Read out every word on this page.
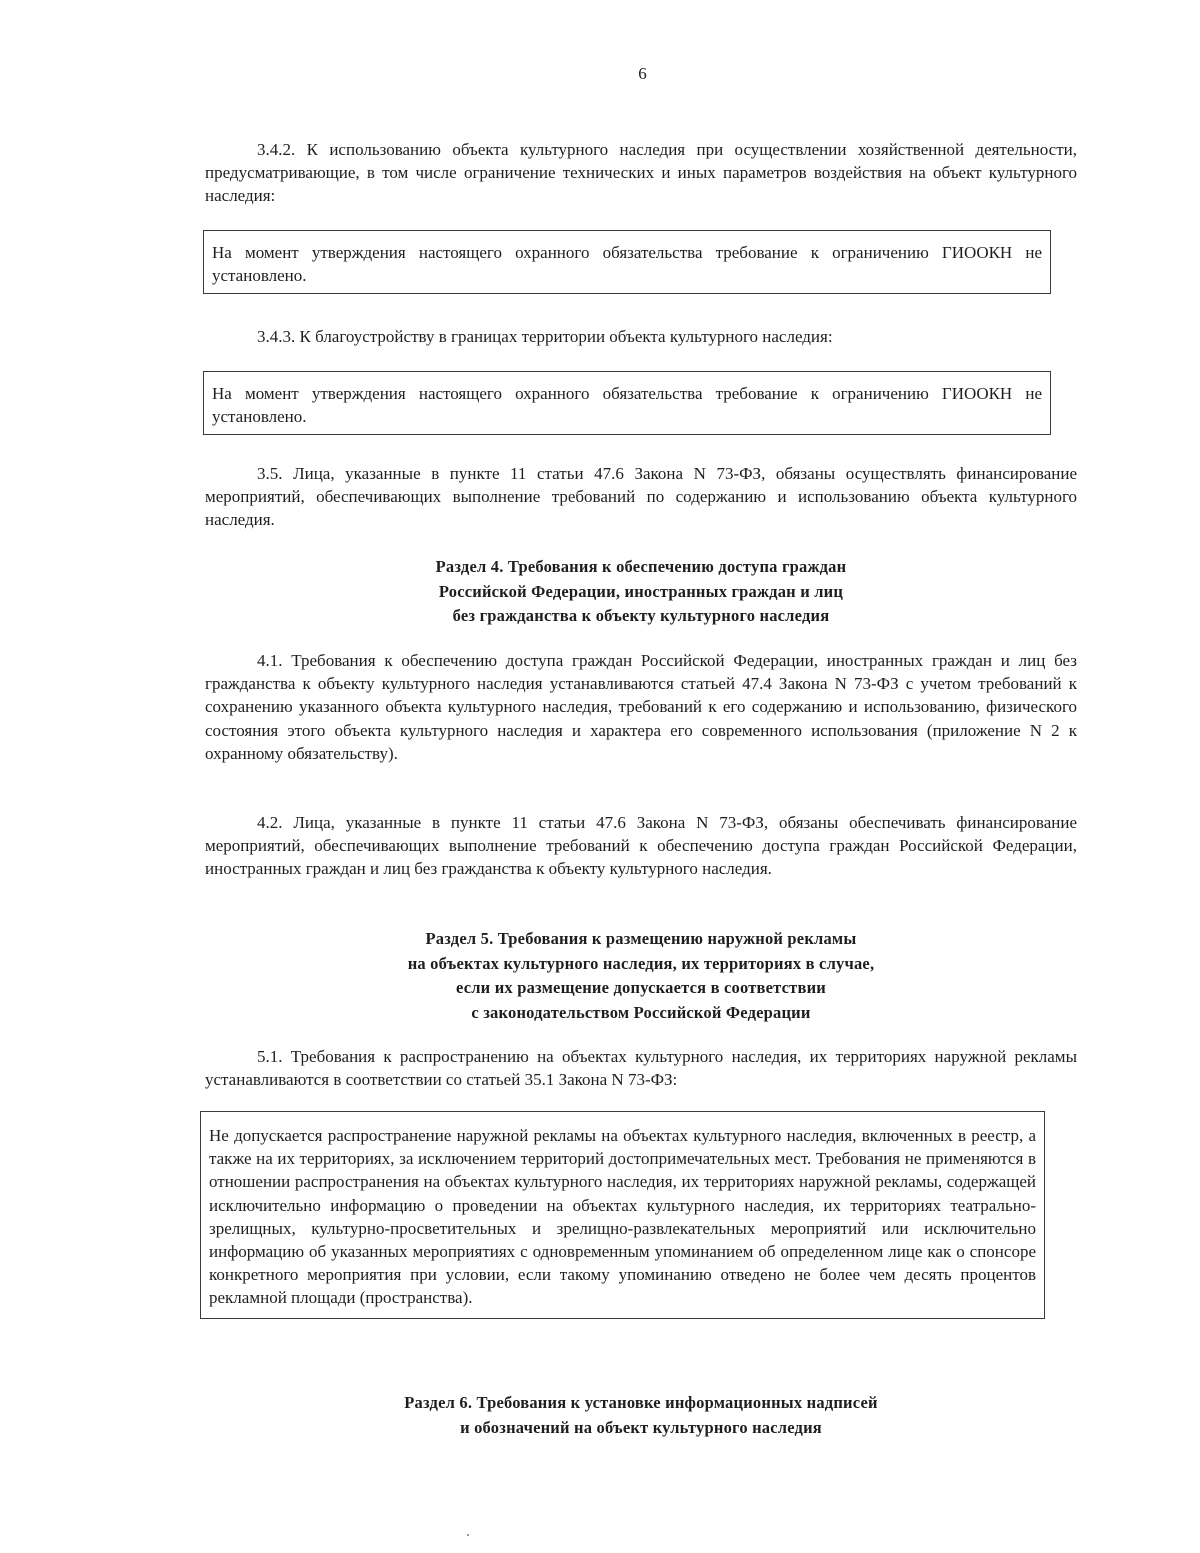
6
3.4.2. К использованию объекта культурного наследия при осуществлении хозяйственной деятельности, предусматривающие, в том числе ограничение технических и иных параметров воздействия на объект культурного наследия:
На момент утверждения настоящего охранного обязательства требование к ограничению ГИООКН не установлено.
3.4.3. К благоустройству в границах территории объекта культурного наследия:
На момент утверждения настоящего охранного обязательства требование к ограничению ГИООКН не установлено.
3.5. Лица, указанные в пункте 11 статьи 47.6 Закона N 73-ФЗ, обязаны осуществлять финансирование мероприятий, обеспечивающих выполнение требований по содержанию и использованию объекта культурного наследия.
Раздел 4. Требования к обеспечению доступа граждан
Российской Федерации, иностранных граждан и лиц
без гражданства к объекту культурного наследия
4.1. Требования к обеспечению доступа граждан Российской Федерации, иностранных граждан и лиц без гражданства к объекту культурного наследия устанавливаются статьей 47.4 Закона N 73-ФЗ с учетом требований к сохранению указанного объекта культурного наследия, требований к его содержанию и использованию, физического состояния этого объекта культурного наследия и характера его современного использования (приложение N 2 к охранному обязательству).
4.2. Лица, указанные в пункте 11 статьи 47.6 Закона N 73-ФЗ, обязаны обеспечивать финансирование мероприятий, обеспечивающих выполнение требований к обеспечению доступа граждан Российской Федерации, иностранных граждан и лиц без гражданства к объекту культурного наследия.
Раздел 5. Требования к размещению наружной рекламы
на объектах культурного наследия, их территориях в случае,
если их размещение допускается в соответствии
с законодательством Российской Федерации
5.1. Требования к распространению на объектах культурного наследия, их территориях наружной рекламы устанавливаются в соответствии со статьей 35.1 Закона N 73-ФЗ:
Не допускается распространение наружной рекламы на объектах культурного наследия, включенных в реестр, а также на их территориях, за исключением территорий достопримечательных мест. Требования не применяются в отношении распространения на объектах культурного наследия, их территориях наружной рекламы, содержащей исключительно информацию о проведении на объектах культурного наследия, их территориях театрально-зрелищных, культурно-просветительных и зрелищно-развлекательных мероприятий или исключительно информацию об указанных мероприятиях с одновременным упоминанием об определенном лице как о спонсоре конкретного мероприятия при условии, если такому упоминанию отведено не более чем десять процентов рекламной площади (пространства).
Раздел 6. Требования к установке информационных надписей
и обозначений на объект культурного наследия
